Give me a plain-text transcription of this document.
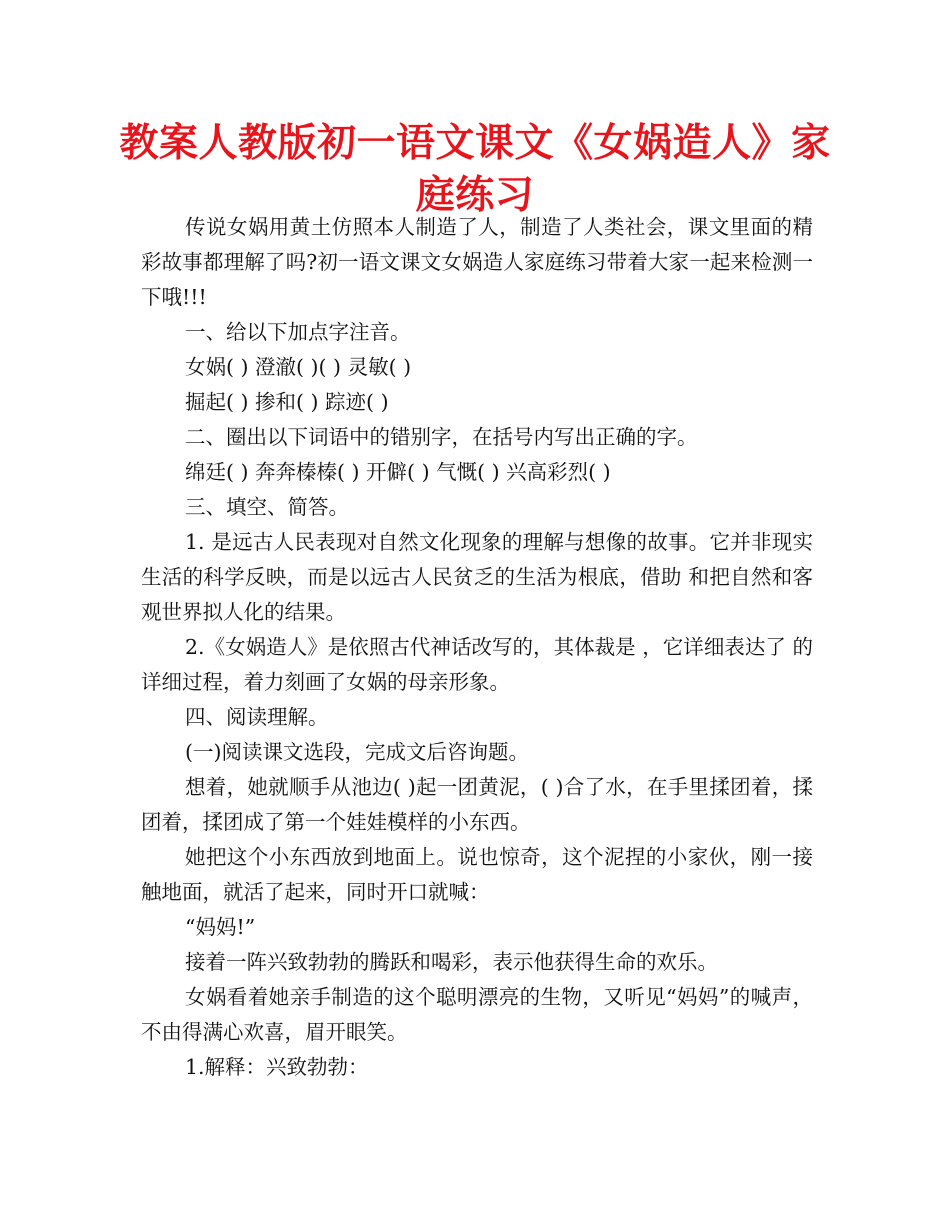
教案人教版初一语文课文《女娲造人》家庭练习

传说女娲用黄土仿照本人制造了人，制造了人类社会，课文里面的精彩故事都理解了吗?初一语文课文女娲造人家庭练习带着大家一起来检测一下哦!!!

一、给以下加点字注音。

女娲( ) 澄澈( )( ) 灵敏( )

掘起( ) 掺和( ) 踪迹( )

二、圈出以下词语中的错别字，在括号内写出正确的字。

绵廷( ) 奔奔榛榛( ) 开僻( ) 气慨( ) 兴高彩烈( )

三、填空、简答。

1. 是远古人民表现对自然文化现象的理解与想像的故事。它并非现实生活的科学反映，而是以远古人民贫乏的生活为根底，借助 和把自然和客观世界拟人化的结果。

2.《女娲造人》是依照古代神话改写的，其体裁是 ，它详细表达了 的详细过程，着力刻画了女娲的母亲形象。

四、阅读理解。

(一)阅读课文选段，完成文后咨询题。

想着，她就顺手从池边( )起一团黄泥，( )合了水，在手里揉团着，揉团着，揉团成了第一个娃娃模样的小东西。

她把这个小东西放到地面上。说也惊奇，这个泥捏的小家伙，刚一接触地面，就活了起来，同时开口就喊：

“妈妈!”

接着一阵兴致勃勃的腾跃和喝彩，表示他获得生命的欢乐。

女娲看着她亲手制造的这个聪明漂亮的生物，又听见“妈妈”的喊声，不由得满心欢喜，眉开眼笑。

1.解释：兴致勃勃：
